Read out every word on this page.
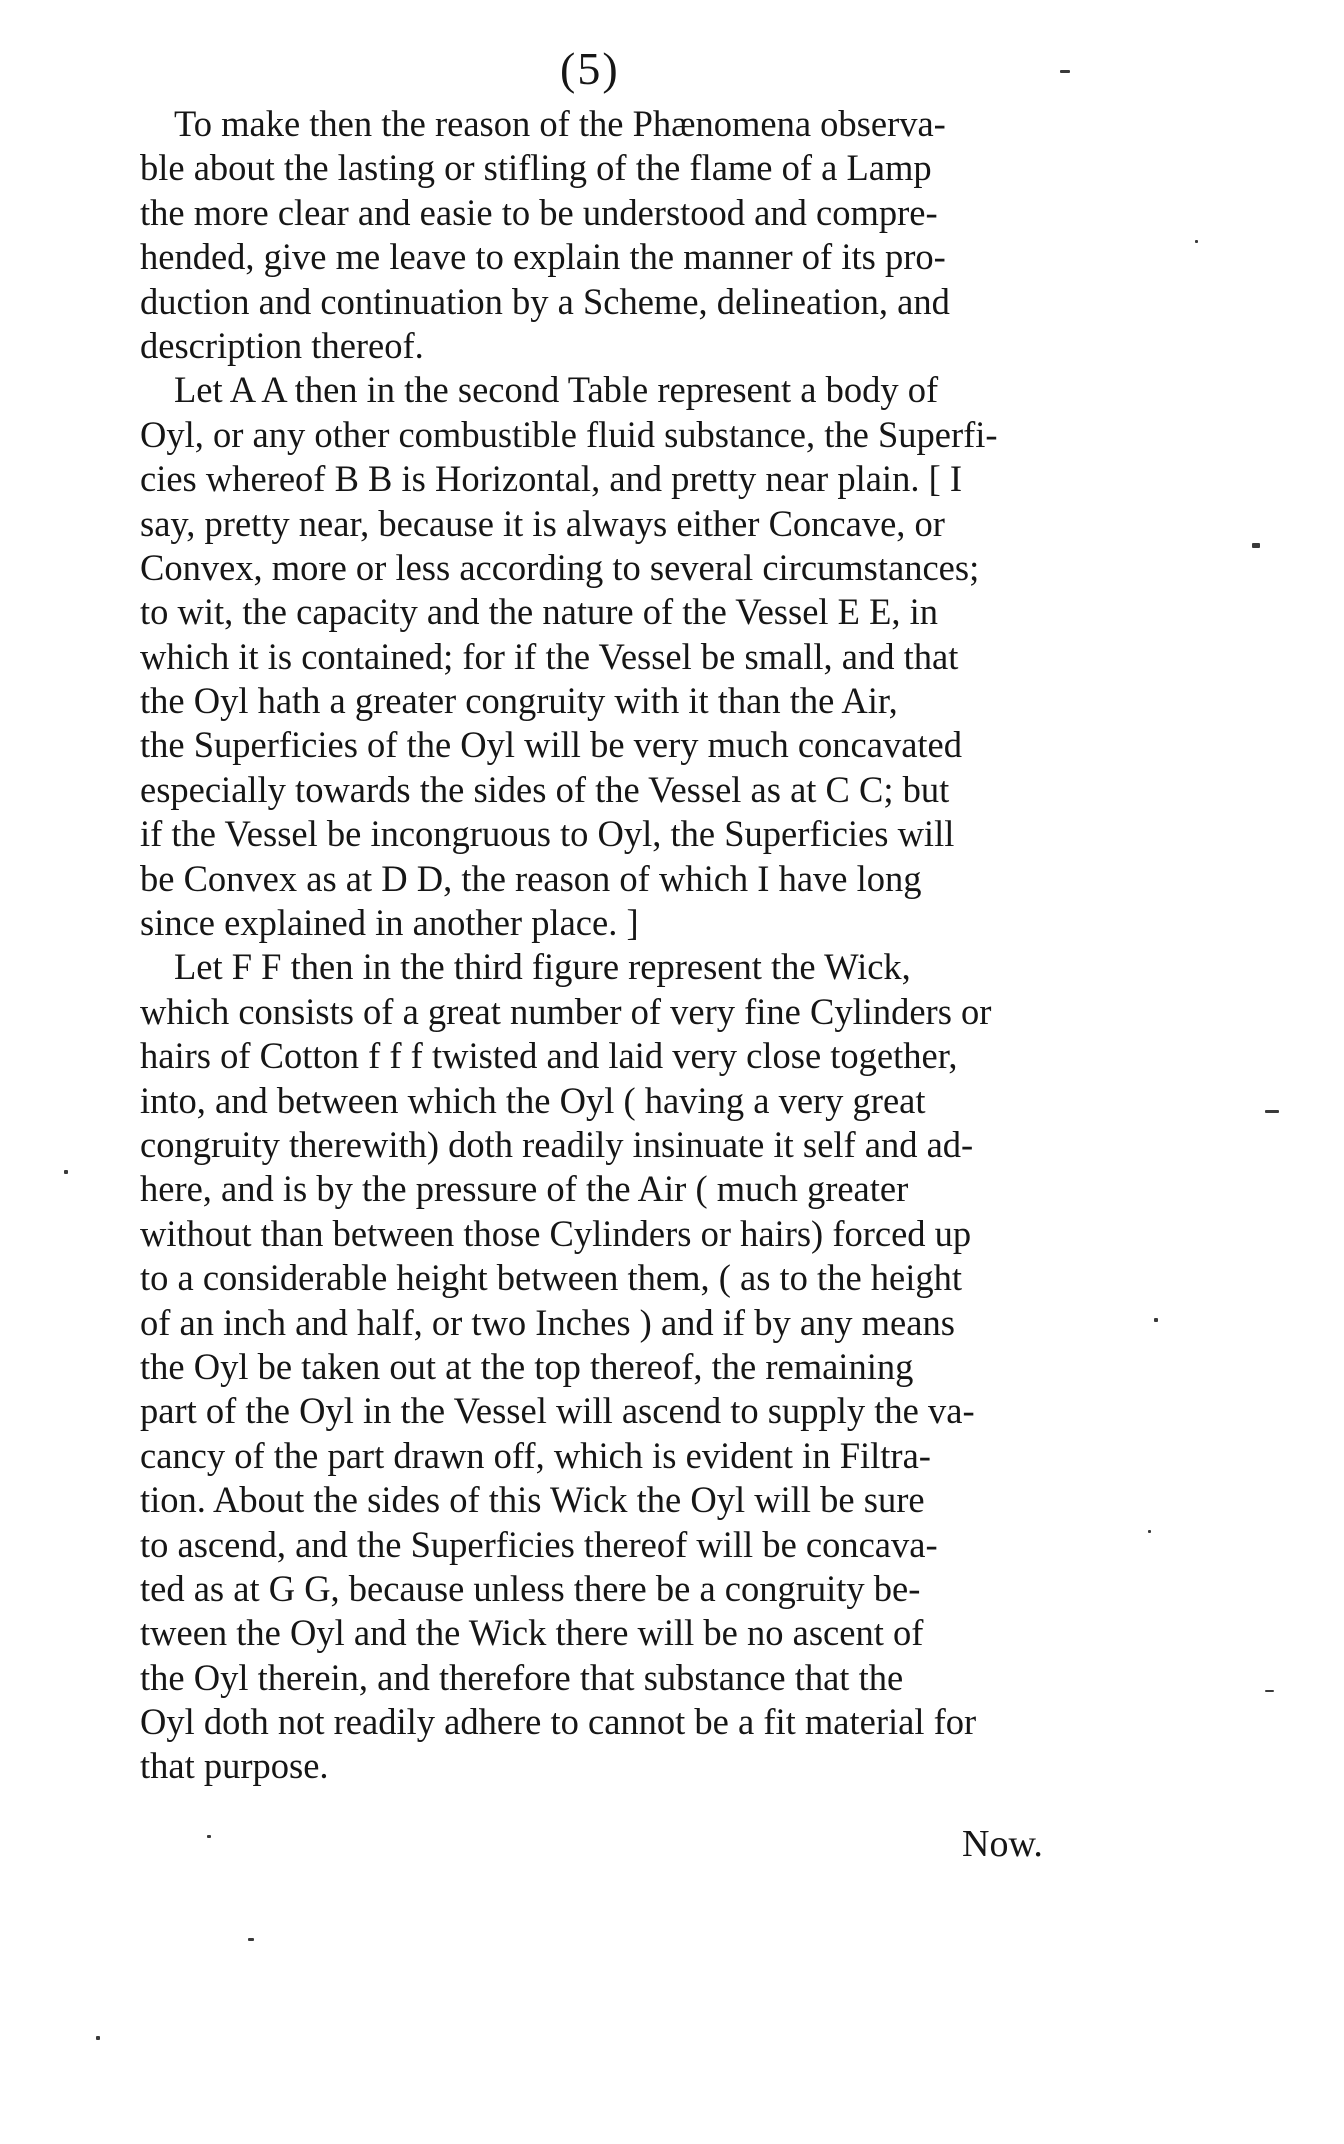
(5)
To make then the reason of the Phænomena observa-
ble about the lasting or stifling of the flame of a Lamp
the more clear and easie to be understood and compre-
hended, give me leave to explain the manner of its pro-
duction and continuation by a Scheme, delineation, and
description thereof.
Let A A then in the second Table represent a body of
Oyl, or any other combustible fluid substance, the Superfi-
cies whereof B B is Horizontal, and pretty near plain. [ I
say, pretty near, because it is always either Concave, or
Convex, more or less according to several circumstances;
to wit, the capacity and the nature of the Vessel E E, in
which it is contained; for if the Vessel be small, and that
the Oyl hath a greater congruity with it than the Air,
the Superficies of the Oyl will be very much concavated
especially towards the sides of the Vessel as at C C; but
if the Vessel be incongruous to Oyl, the Superficies will
be Convex as at D D, the reason of which I have long
since explained in another place. ]
Let F F then in the third figure represent the Wick,
which consists of a great number of very fine Cylinders or
hairs of Cotton f f f twisted and laid very close together,
into, and between which the Oyl ( having a very great
congruity therewith) doth readily insinuate it self and ad-
here, and is by the pressure of the Air ( much greater
without than between those Cylinders or hairs) forced up
to a considerable height between them, ( as to the height
of an inch and half, or two Inches ) and if by any means
the Oyl be taken out at the top thereof, the remaining
part of the Oyl in the Vessel will ascend to supply the va-
cancy of the part drawn off, which is evident in Filtra-
tion. About the sides of this Wick the Oyl will be sure
to ascend, and the Superficies thereof will be concava-
ted as at G G, because unless there be a congruity be-
tween the Oyl and the Wick there will be no ascent of
the Oyl therein, and therefore that substance that the
Oyl doth not readily adhere to cannot be a fit material for
that purpose.
Now.
